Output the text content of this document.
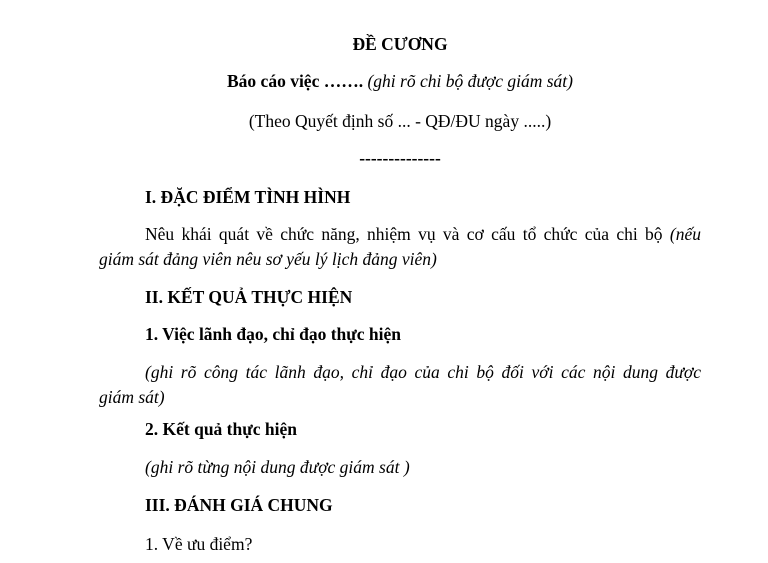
ĐỀ CƯƠNG
Báo cáo việc ……. (ghi rõ chi bộ được giám sát)
(Theo Quyết định số ... - QĐ/ĐU ngày .....)
--------------
I. ĐẶC ĐIỂM TÌNH HÌNH
Nêu khái quát về chức năng, nhiệm vụ và cơ cấu tổ chức của chi bộ (nếu
giám sát đảng viên nêu sơ yếu lý lịch đảng viên)
II. KẾT QUẢ THỰC HIỆN
1. Việc lãnh đạo, chỉ đạo thực hiện
(ghi rõ công tác lãnh đạo, chỉ đạo của chi bộ đối với các nội dung được
giám sát)
2. Kết quả thực hiện
(ghi rõ từng nội dung được giám sát )
III. ĐÁNH GIÁ CHUNG
1. Về ưu điểm?
